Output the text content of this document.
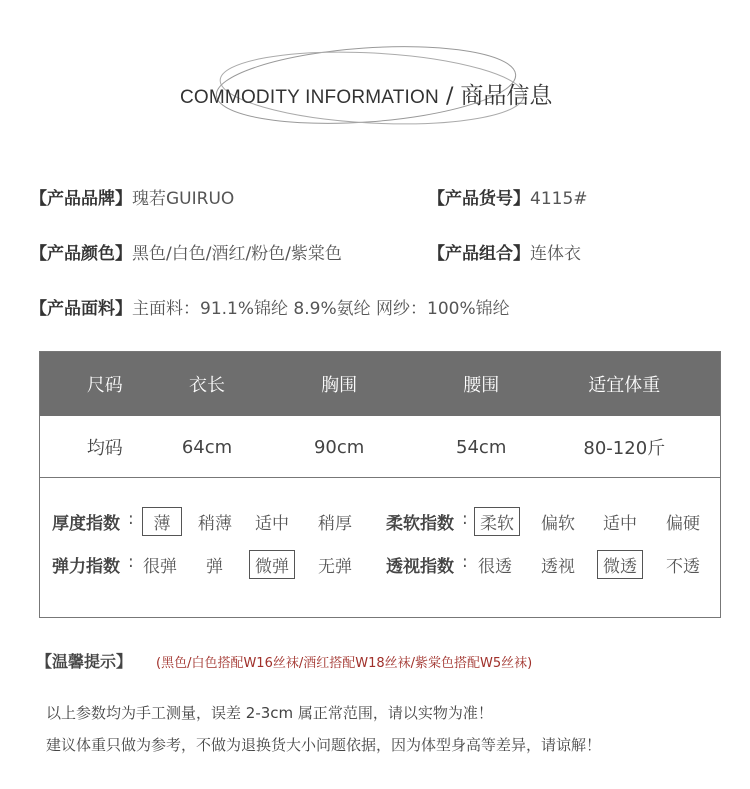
COMMODITY INFORMATION / 商品信息
【产品品牌】瑰若GUIRUO	【产品货号】4115#
【产品颜色】黑色/白色/酒红/粉色/紫棠色	【产品组合】连体衣
【产品面料】主面料：91.1%锦纶 8.9%氨纶 网纱：100%锦纶
尺码	衣长	胸围	腰围	适宜体重
均码	64cm	90cm	54cm	80-120斤
厚度指数 :	薄	稍薄 适中 稍厚 柔软指数 : 柔软	偏软 适中 偏硬
弹力指数 : 很弹 弹	微弹	无弹 透视指数 : 很透 透视	微透	不透
【温馨提示】 (黑色/白色搭配W16丝袜/酒红搭配W18丝袜/紫棠色搭配W5丝袜)
以上参数均为手工测量，误差 2-3cm 属正常范围，请以实物为准！
建议体重只做为参考，不做为退换货大小问题依据，因为体型身高等差异，请谅解！
